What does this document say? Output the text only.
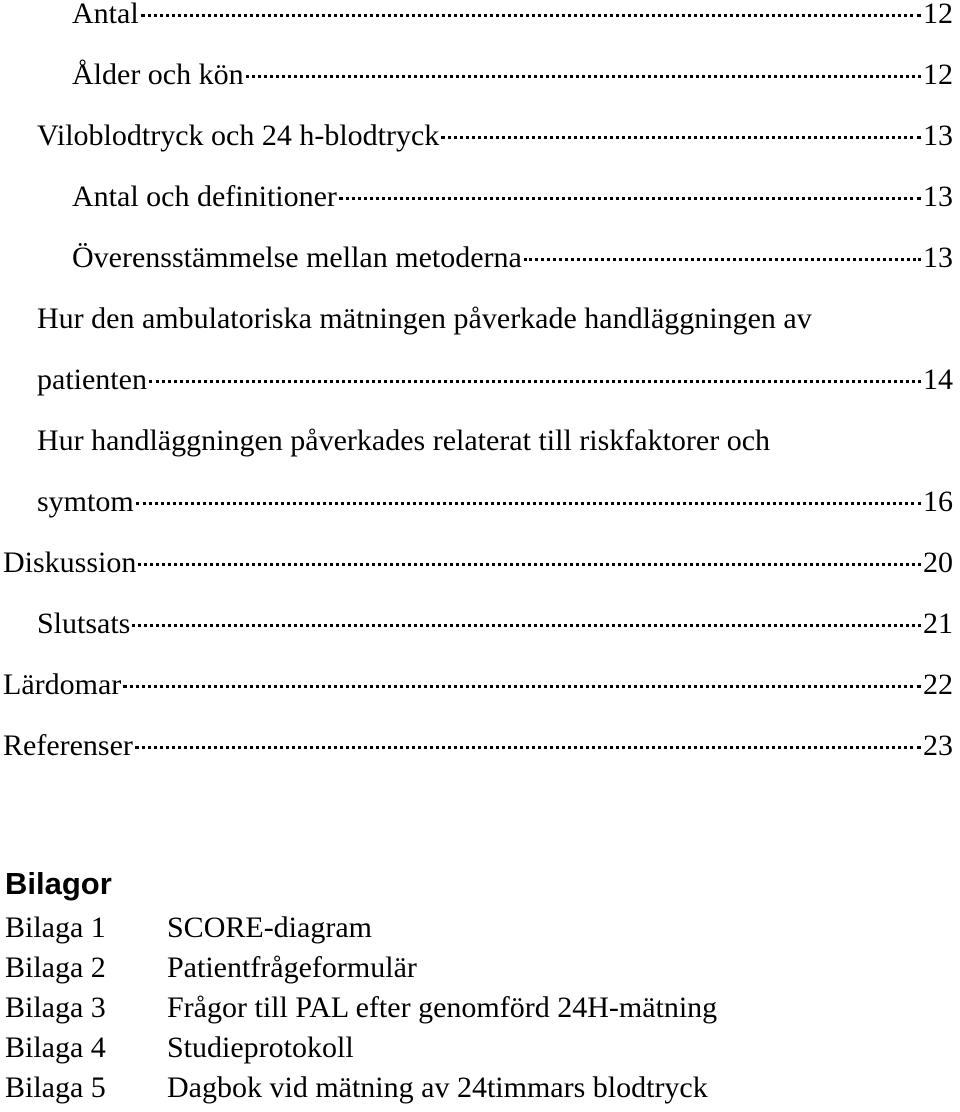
Antal	12
Ålder och kön	12
Viloblodtryck och 24 h-blodtryck	13
Antal och definitioner	13
Överensstämmelse mellan metoderna	13
Hur den ambulatoriska mätningen påverkade handläggningen av
patienten	14
Hur handläggningen påverkades relaterat till riskfaktorer och
symtom	16
Diskussion	20
Slutsats	21
Lärdomar	22
Referenser	23
Bilagor
Bilaga 1 SCORE-diagram
Bilaga 2 Patientfrågeformulär
Bilaga 3 Frågor till PAL efter genomförd 24H-mätning
Bilaga 4 Studieprotokoll
Bilaga 5 Dagbok vid mätning av 24timmars blodtryck
